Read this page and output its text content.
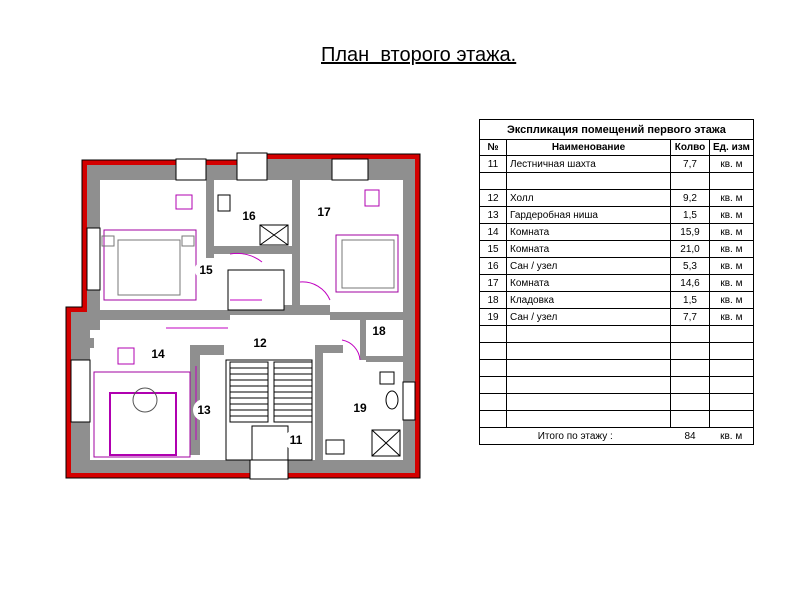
План  второго этажа.
16	17
15
12
18
14
13	19
11
Экспликация помещений первого этажа			
№	Наименование	Колво	Ед. изм
11	Лестничная шахта	7,7	кв. м

12	Холл	9,2	кв. м
13	Гардеробная ниша	1,5	кв. м
14	Комната	15,9	кв. м
15	Комната	21,0	кв. м
16	Сан / узел	5,3	кв. м
17	Комната	14,6	кв. м
18	Кладовка	1,5	кв. м
19	Сан / узел	7,7	кв. м

Итого по этажу :		84	кв. м
